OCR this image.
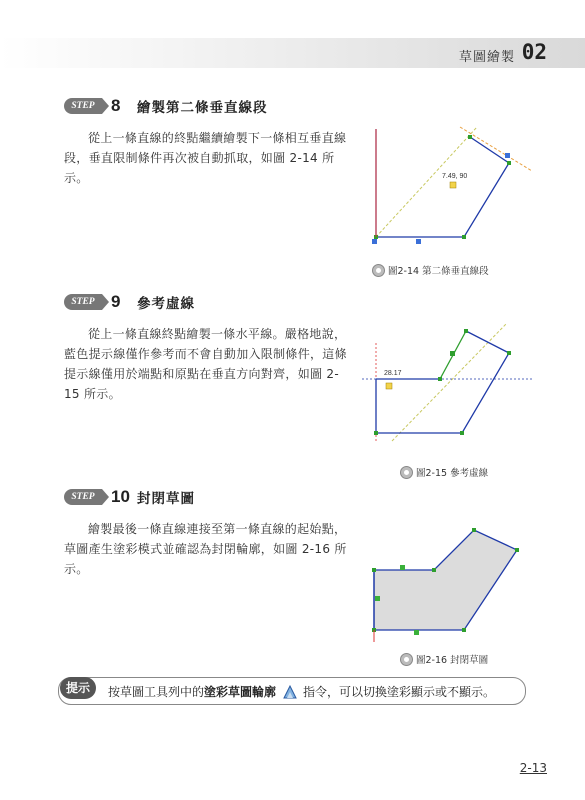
草圖繪製 02
STEP 8	繪製第二條垂直線段
從上一條直線的終點繼續繪製下一條相互垂直線段，垂直限制條件再次被自動抓取，如圖 2-14 所示。	7.49, 90
圖2-14 第二條垂直線段
STEP 9	參考虛線
從上一條直線終點繪製一條水平線。嚴格地說，藍色提示線僅作參考而不會自動加入限制條件，這條提示線僅用於端點和原點在垂直方向對齊，如圖 2-15 所示。
28.17
圖2-15 參考虛線
STEP 10 封閉草圖
繪製最後一條直線連接至第一條直線的起始點，草圖產生塗彩模式並確認為封閉輪廓，如圖 2-16 所示。
圖2-16 封閉草圖
提示	按草圖工具列中的 塗彩草圖輪廓 指令，可以切換塗彩顯示或不顯示。
2-13
